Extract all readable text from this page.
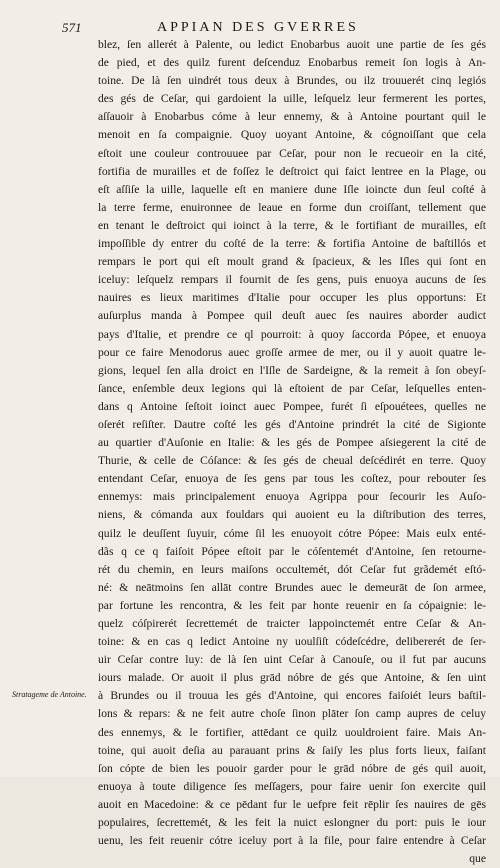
571	APPIAN DES GVERRES
blez, ſen allerét à Palente, ou ledict Enobarbus auoit une partie de ſes gés
de pied, et des quilz furent deſcenduz Enobarbus remeit ſon logis à An-
toine. De là ſen uindrét tous deux à Brundes, ou ilz trouuerét cinq legiós
des gés de Ceſar, qui gardoient la uille, leſquelz leur fermerent les portes,
aſſauoir à Enobarbus cóme à leur ennemy, & à Antoine pourtant quil le
menoit en ſa compaignie. Quoy uoyant Antoine, & cógnoiſſant que cela
eſtoit une couleur controuuee par Ceſar, pour non le recueoir en la cité,
fortifia de murailles et de foſſez le deſtroict qui faict lentree en la Plage, ou
eſt aſſiſe la uille, laquelle eſt en maniere dune Iſle ioincte dun ſeul coſté à
la terre ferme, enuironnee de leaue en forme dun croiſſant, tellement que
en tenant le deſtroict qui ioinct à la terre, & le fortifiant de murailles, eſt
impoſſible dy entrer du coſté de la terre: & fortifia Antoine de baſtillós et
rempars le port qui eſt moult grand & ſpacieux, & les Iſles qui ſont en
iceluy: leſquelz rempars il fournit de ſes gens, puis enuoya aucuns de ſes
nauires es lieux maritimes d'Italie pour occuper les plus opportuns: Et
auſurplus manda à Pompee quil deuſt auec ſes nauires aborder audict
pays d'Italie, et prendre ce ql pourroit: à quoy ſaccorda Pópee, et enuoya
pour ce faire Menodorus auec groſſe armee de mer, ou il y auoit quatre le-
gions, lequel ſen alla droict en l'Iſle de Sardeigne, & la remeit à ſon obeyſ-
ſance, enſemble deux legions qui là eſtoient de par Ceſar, leſquelles enten-
dans q Antoine ſeſtoit ioinct auec Pompee, furét ſi eſpouétees, quelles ne
oſerét reſiſter. Dautre coſté les gés d'Antoine prindrét la cité de Sigionte
au quartier d'Auſonie en Italie: & les gés de Pompee aſsiegerent la cité de
Thurie, & celle de Cóſance: & ſes gés de cheual deſcédirét en terre. Quoy
entendant Ceſar, enuoya de ſes gens par tous les coſtez, pour rebouter ſes
ennemys: mais principalement enuoya Agrippa pour ſecourir les Auſo-
niens, & cómanda aux fouldars qui auoient eu la diſtribution des terres,
quilz le deuſſent ſuyuir, cóme ſil les enuoyoit cótre Pópee: Mais eulx enté-
dãs q ce q faiſoit Pópee eſtoit par le cóſentemét d'Antoine, ſen retourne-
rét du chemin, en leurs maiſons occultemét, dót Ceſar fut grãdemét eſtó-
né: & neātmoins ſen allāt contre Brundes auec le demeurāt de ſon armee,
par fortune les rencontra, & les feit par honte reuenir en ſa cópaignie: le-
quelz cóſpirerét ſecrettemét de traicter lappoinctemét entre Ceſar & An-
toine: & en cas q ledict Antoine ny uoulſiſt códeſcédre, delibererét de ſer-
uir Ceſar contre luy: de là ſen uint Ceſar à Canouſe, ou il fut par aucuns
iours malade. Or auoit il plus grād nóbre de gés que Antoine, & ſen uint
à Brundes ou il trouua les gés d'Antoine, qui encores faiſoiét leurs baſtil-
lons & repars: & ne feit autre choſe ſinon plāter ſon camp aupres de celuy
des ennemys, & le fortifier, attēdant ce quilz uouldroient faire. Mais An-
toine, qui auoit deſia au parauant prins & ſaiſy les plus forts lieux, faiſant
ſon cópte de bien les pouoir garder pour le grād nóbre de gés quil auoit,
enuoya à toute diligence ſes meſſagers, pour faire uenir ſon exercite quil
auoit en Macedoine: & ce pēdant fur le uefpre feit rēplir ſes nauires de gēs
populaires, ſecrettemét, & les feit la nuict eslongner du port: puis le iour
uenu, les feit reuenir cótre iceluy port à la file, pour faire entendre à Ceſar
que
Stratageme de Antoine.
